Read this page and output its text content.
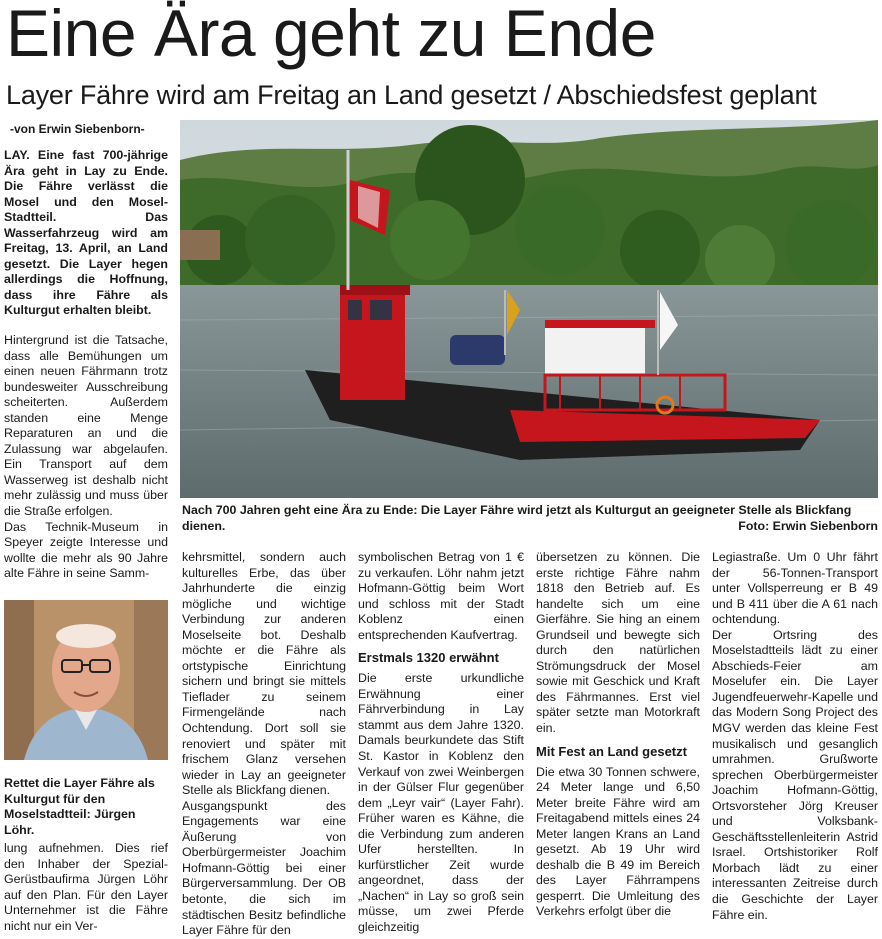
Eine Ära geht zu Ende
Layer Fähre wird am Freitag an Land gesetzt / Abschiedsfest geplant
-von Erwin Siebenborn-

LAY. Eine fast 700-jährige Ära geht in Lay zu Ende. Die Fähre verlässt die Mosel und den Mosel-Stadtteil. Das Wasserfahrzeug wird am Freitag, 13. April, an Land gesetzt. Die Layer hegen allerdings die Hoffnung, dass ihre Fähre als Kulturgut erhalten bleibt.

Hintergrund ist die Tatsache, dass alle Bemühungen um einen neuen Fährmann trotz bundesweiter Ausschreibung scheiterten. Außerdem standen eine Menge Reparaturen an und die Zulassung war abgelaufen. Ein Transport auf dem Wasserweg ist deshalb nicht mehr zulässig und muss über die Straße erfolgen.

Das Technik-Museum in Speyer zeigte Interesse und wollte die mehr als 90 Jahre alte Fähre in seine Samm-

Nach 700 Jahren geht eine Ära zu Ende: Die Layer Fähre wird jetzt als Kulturgut an geeigneter Stelle als Blickfang dienen.	Foto: Erwin Siebenborn
Rettet die Layer Fähre als Kulturgut für den Moselstadtteil: Jürgen Löhr.

lung aufnehmen. Dies rief den Inhaber der Spezial-Gerüstbaufirma Jürgen Löhr auf den Plan. Für den Layer Unternehmer ist die Fähre nicht nur ein Ver-

kehrsmittel, sondern auch kulturelles Erbe, das über Jahrhunderte die einzig mögliche und wichtige Verbindung zur anderen Moselseite bot. Deshalb möchte er die Fähre als ortstypische Einrichtung sichern und bringt sie mittels Tieflader zu seinem Firmengelände nach Ochtendung. Dort soll sie renoviert und später mit frischem Glanz versehen wieder in Lay an geeigneter Stelle als Blickfang dienen.

Ausgangspunkt des Engagements war eine Äußerung von Oberbürgermeister Joachim Hofmann-Göttig bei einer Bürgerversammlung. Der OB betonte, die sich im städtischen Besitz befindliche Layer Fähre für den

symbolischen Betrag von 1 € zu verkaufen. Löhr nahm jetzt Hofmann-Göttig beim Wort und schloss mit der Stadt Koblenz einen entsprechenden Kaufvertrag.

Erstmals 1320 erwähnt

Die erste urkundliche Erwähnung einer Fährverbindung in Lay stammt aus dem Jahre 1320. Damals beurkundete das Stift St. Kastor in Koblenz den Verkauf von zwei Weinbergen in der Gülser Flur gegenüber dem „Leyr vair“ (Layer Fahr). Früher waren es Kähne, die die Verbindung zum anderen Ufer herstellten. In kurfürstlicher Zeit wurde angeordnet, dass der „Nachen“ in Lay so groß sein müsse, um zwei Pferde gleichzeitig

übersetzen zu können. Die erste richtige Fähre nahm 1818 den Betrieb auf. Es handelte sich um eine Gierfähre. Sie hing an einem Grundseil und bewegte sich durch den natürlichen Strömungsdruck der Mosel sowie mit Geschick und Kraft des Fährmannes. Erst viel später setzte man Motorkraft ein.

Mit Fest an Land gesetzt

Die etwa 30 Tonnen schwere, 24 Meter lange und 6,50 Meter breite Fähre wird am Freitagabend mittels eines 24 Meter langen Krans an Land gesetzt. Ab 19 Uhr wird deshalb die B 49 im Bereich des Layer Fährrampens gesperrt. Die Umleitung des Verkehrs erfolgt über die

Legiastraße. Um 0 Uhr fährt der 56-Tonnen-Transport unter Vollsperreung er B 49 und B 411 über die A 61 nach ochtendung.

Der Ortsring des Moselstadtteils lädt zu einer Abschieds-Feier am Moselufer ein. Die Layer Jugendfeuerwehr-Kapelle und das Modern Song Project des MGV werden das kleine Fest musikalisch und gesanglich umrahmen. Grußworte sprechen Oberbürgermeister Joachim Hofmann-Göttig, Ortsvorsteher Jörg Kreuser und Volksbank-Geschäftsstellenleiterin Astrid Israel. Ortshistoriker Rolf Morbach lädt zu einer interessanten Zeitreise durch die Geschichte der Layer Fähre ein.
